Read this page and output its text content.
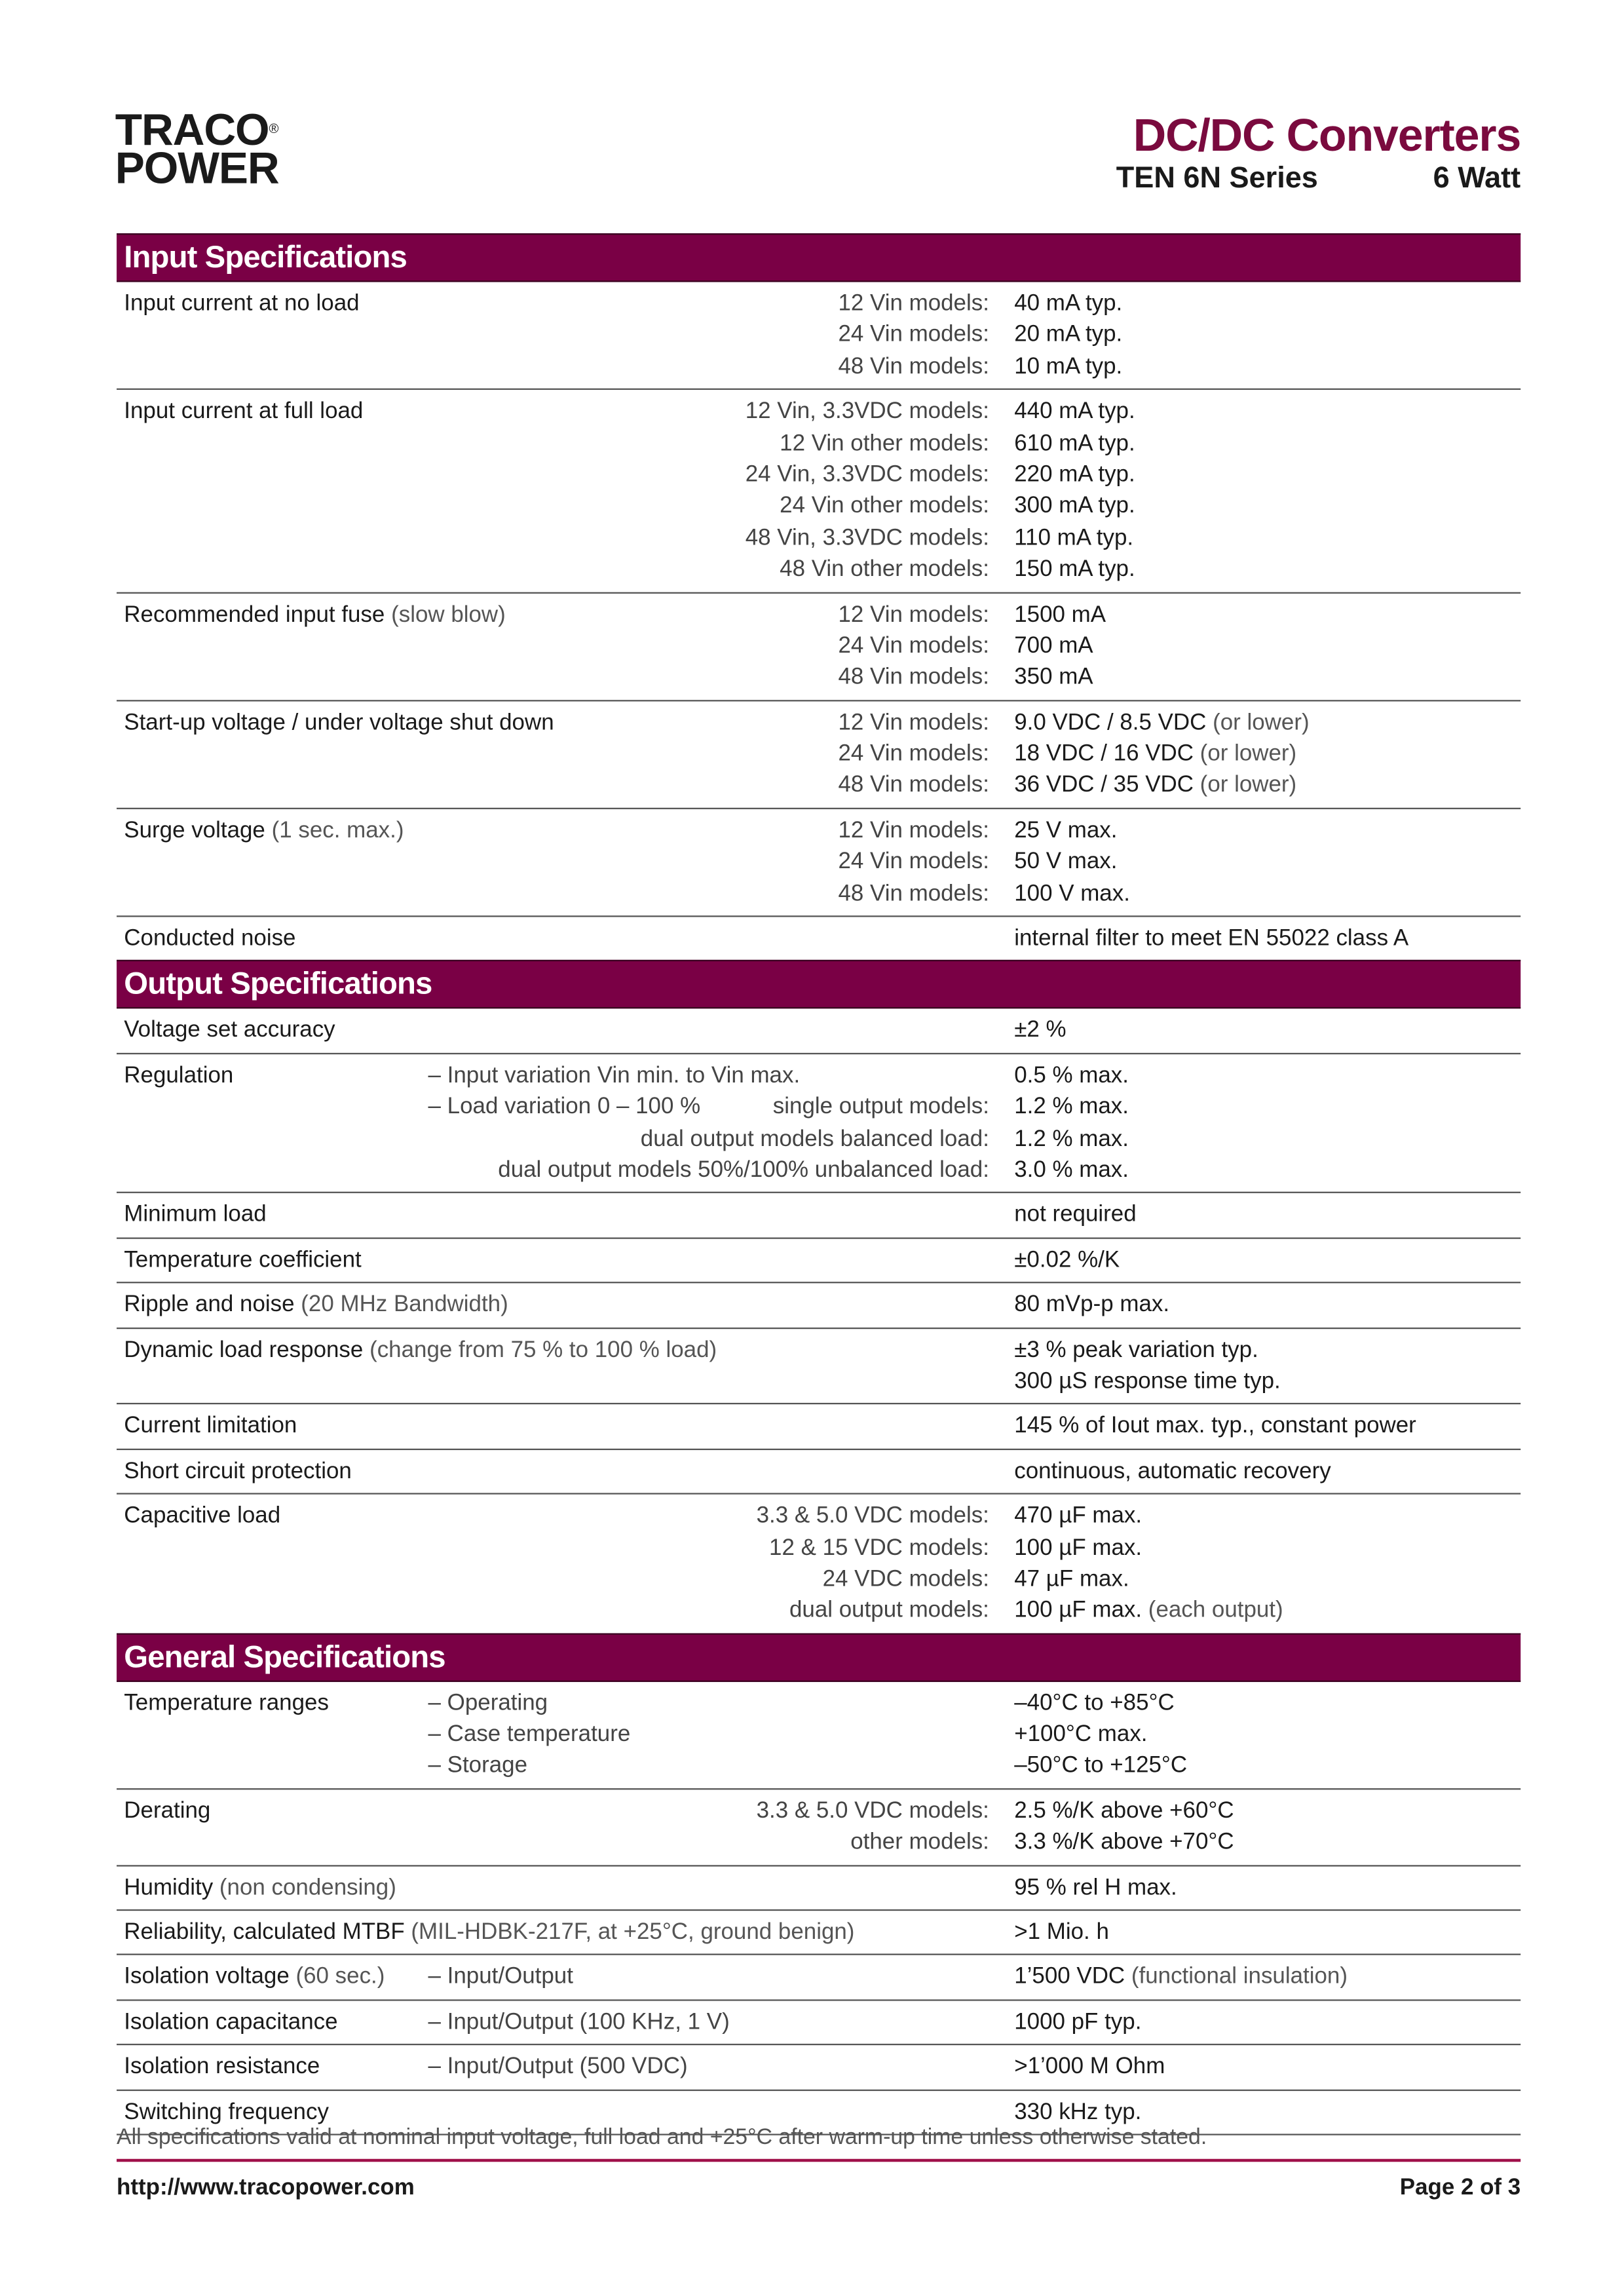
TRACO®
POWER
DC/DC Converters
TEN 6N Series	6 Watt
Input Specifications
Input current at no load	12 Vin models: 40 mA typ.
24 Vin models: 20 mA typ.
48 Vin models: 10 mA typ.
Input current at full load	12 Vin, 3.3VDC models: 440 mA typ.
12 Vin other models: 610 mA typ.
24 Vin, 3.3VDC models: 220 mA typ.
24 Vin other models: 300 mA typ.
48 Vin, 3.3VDC models: 110 mA typ.
48 Vin other models: 150 mA typ.
Recommended input fuse (slow blow)	12 Vin models: 1500 mA
24 Vin models: 700 mA
48 Vin models: 350 mA
Start-up voltage / under voltage shut down	12 Vin models: 9.0 VDC / 8.5 VDC (or lower)
24 Vin models: 18 VDC / 16 VDC (or lower)
48 Vin models: 36 VDC / 35 VDC (or lower)
Surge voltage (1 sec. max.)	12 Vin models: 25 V max.
24 Vin models: 50 V max.
48 Vin models: 100 V max.
Conducted noise	internal filter to meet EN 55022 class A
Output Specifications
Voltage set accuracy	±2 %
Regulation	– Input variation Vin min. to Vin max.	0.5 % max.
– Load variation 0 – 100 %	single output models: 1.2 % max.
dual output models balanced load: 1.2 % max.
dual output models 50%/100% unbalanced load: 3.0 % max.
Minimum load	not required
Temperature coefficient	±0.02 %/K
Ripple and noise (20 MHz Bandwidth)	80 mVp-p max.
Dynamic load response (change from 75 % to 100 % load)	±3 % peak variation typ.
300 µS response time typ.
Current limitation	145 % of Iout max. typ., constant power
Short circuit protection	continuous, automatic recovery
Capacitive load	3.3 & 5.0 VDC models: 470 µF max.
12 & 15 VDC models: 100 µF max.
24 VDC models: 47 µF max.
dual output models: 100 µF max. (each output)
General Specifications
Temperature ranges	– Operating	–40°C to +85°C
– Case temperature	+100°C max.
– Storage	–50°C to +125°C
Derating	3.3 & 5.0 VDC models: 2.5 %/K above +60°C
other models: 3.3 %/K above +70°C
Humidity (non condensing)	95 % rel H max.
Reliability, calculated MTBF (MIL-HDBK-217F, at +25°C, ground benign)	>1 Mio. h
Isolation voltage (60 sec.)	– Input/Output	1’500 VDC (functional insulation)
Isolation capacitance	– Input/Output (100 KHz, 1 V)	1000 pF typ.
Isolation resistance	– Input/Output (500 VDC)	>1’000 M Ohm
Switching frequency	330 kHz typ.
All specifications valid at nominal input voltage, full load and +25°C after warm-up time unless otherwise stated.
http://www.tracopower.com	Page 2 of 3
